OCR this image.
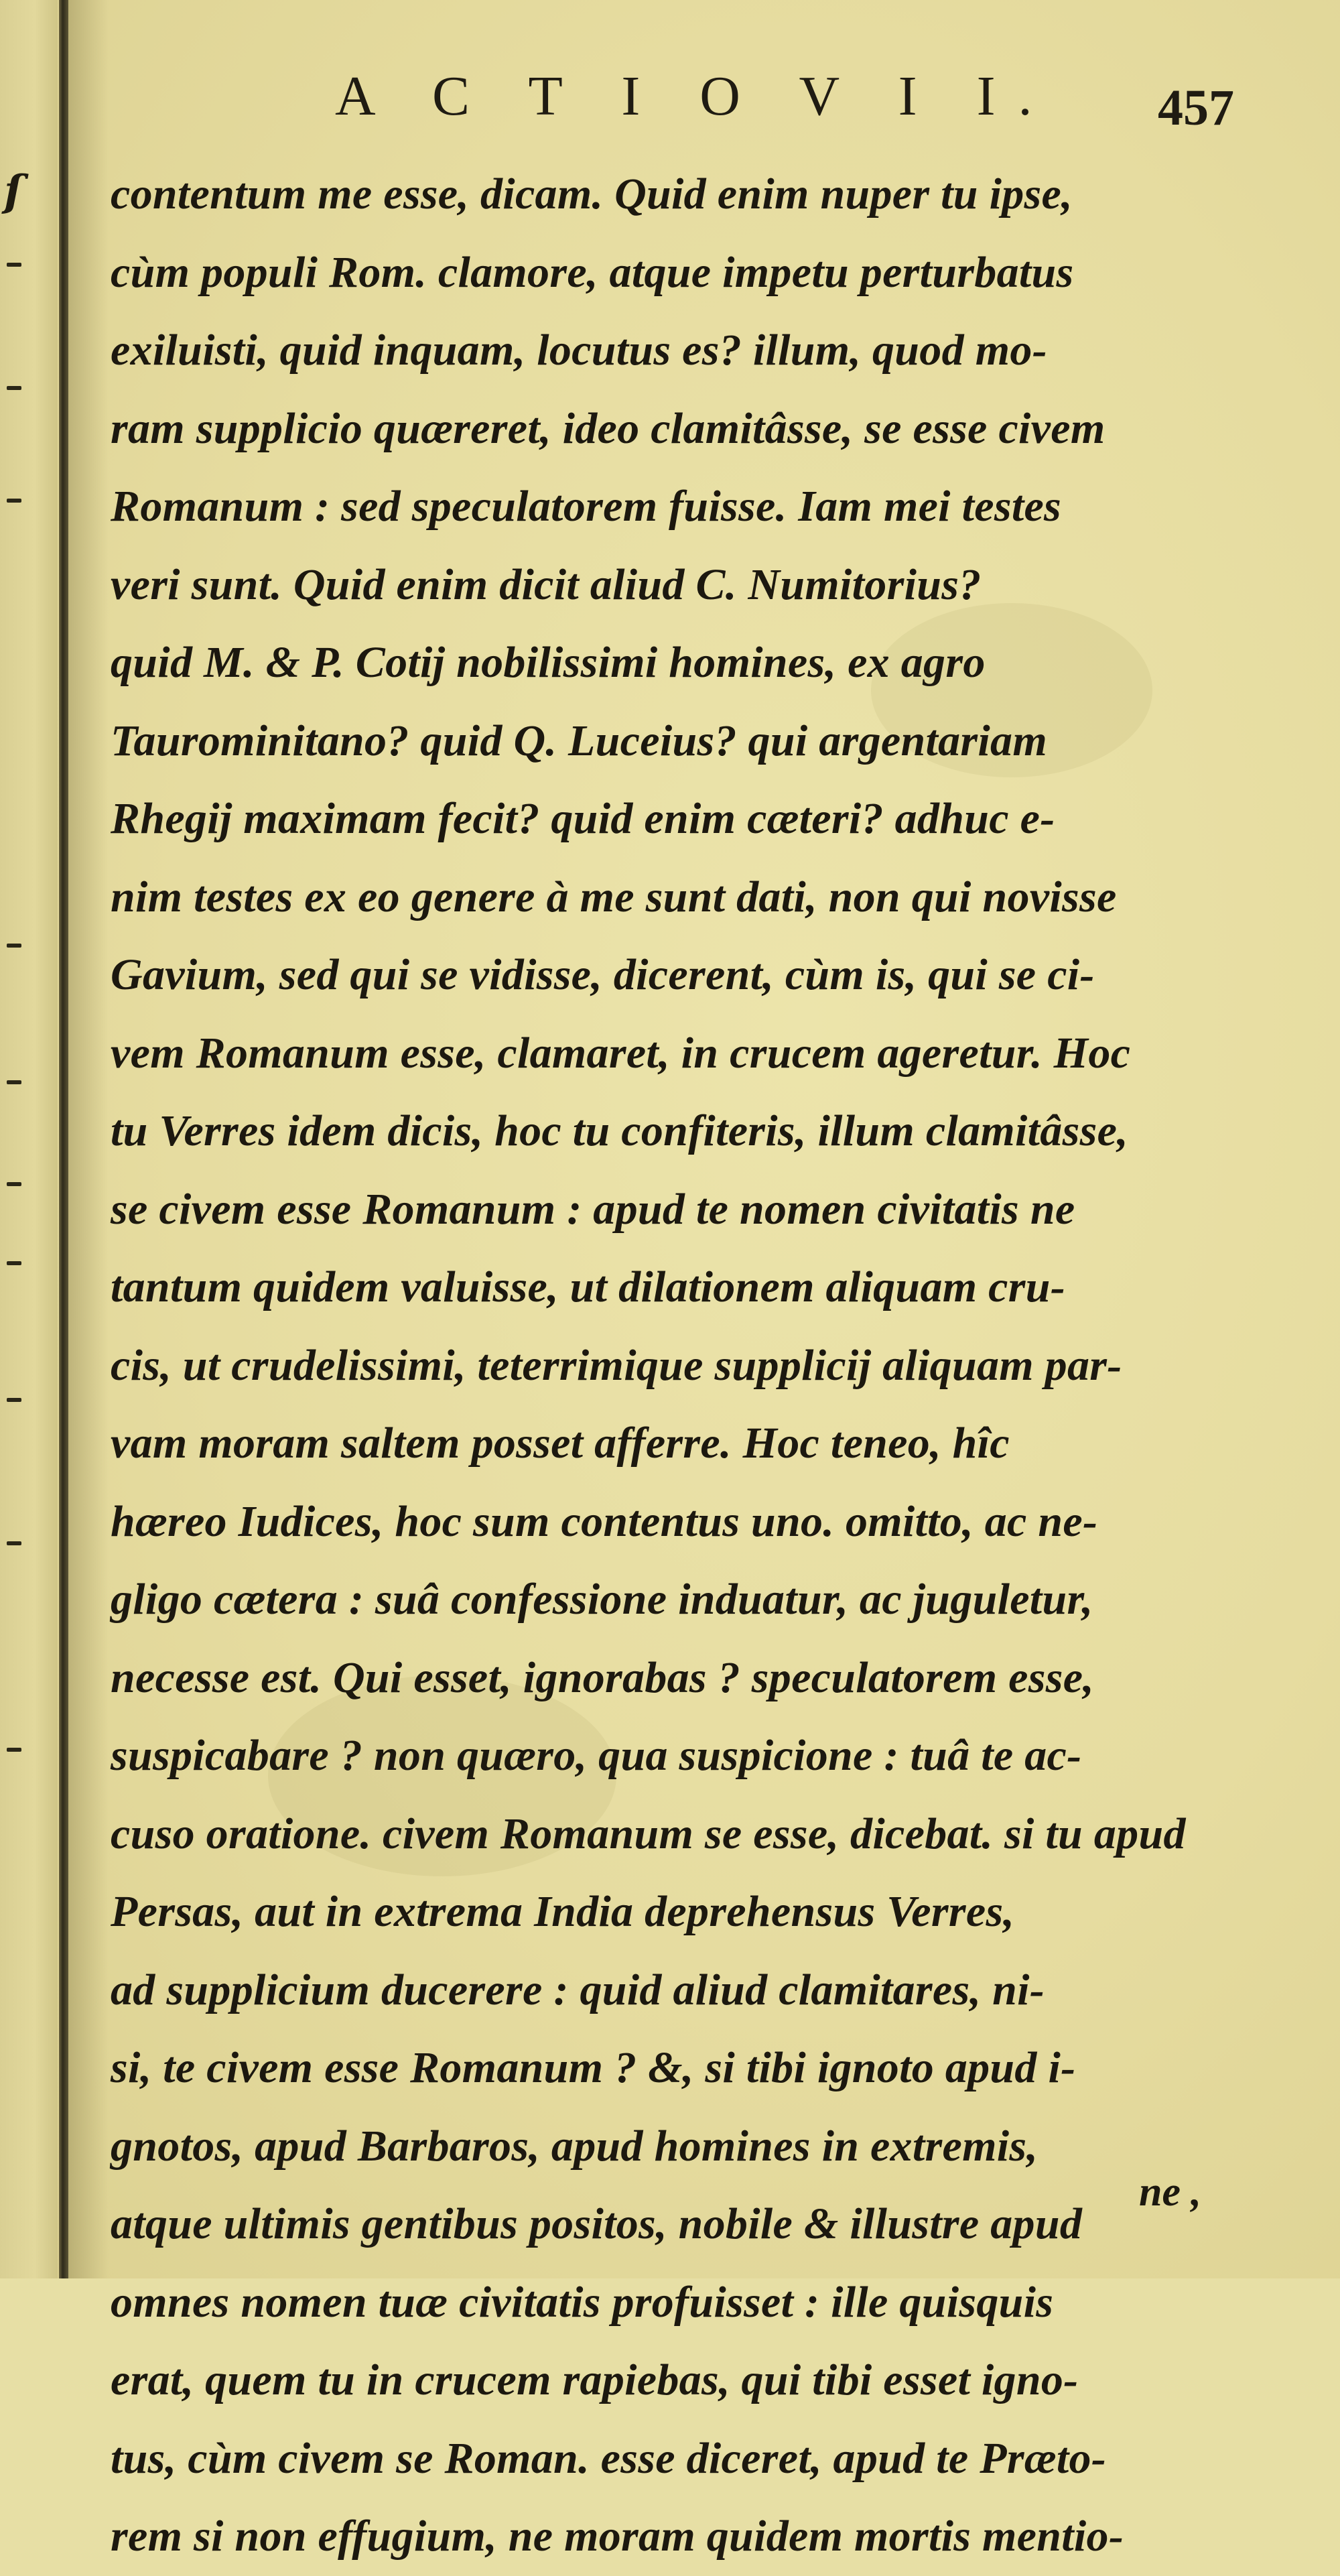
ſ
A C T I O V I I. 457
contentum me esse, dicam. Quid enim nuper tu ipse,
cùm populi Rom. clamore, atque impetu perturbatus
exiluisti, quid inquam, locutus es? illum, quod mo-
ram supplicio quæreret, ideo clamitâsse, se esse civem
Romanum : sed speculatorem fuisse. Iam mei testes
veri sunt. Quid enim dicit aliud C. Numitorius?
quid M. & P. Cotij nobilissimi homines, ex agro
Taurominitano? quid Q. Luceius? qui argentariam
Rhegij maximam fecit? quid enim cæteri? adhuc e-
nim testes ex eo genere à me sunt dati, non qui novisse
Gavium, sed qui se vidisse, dicerent, cùm is, qui se ci-
vem Romanum esse, clamaret, in crucem ageretur. Hoc
tu Verres idem dicis, hoc tu confiteris, illum clamitâsse,
se civem esse Romanum : apud te nomen civitatis ne
tantum quidem valuisse, ut dilationem aliquam cru-
cis, ut crudelissimi, teterrimique supplicij aliquam par-
vam moram saltem posset afferre. Hoc teneo, hîc
hæreo Iudices, hoc sum contentus uno. omitto, ac ne-
gligo cætera : suâ confessione induatur, ac juguletur,
necesse est. Qui esset, ignorabas ? speculatorem esse,
suspicabare ? non quæro, qua suspicione : tuâ te ac-
cuso oratione. civem Romanum se esse, dicebat. si tu apud
Persas, aut in extrema India deprehensus Verres,
ad supplicium ducerere : quid aliud clamitares, ni-
si, te civem esse Romanum ? &, si tibi ignoto apud i-
gnotos, apud Barbaros, apud homines in extremis,
atque ultimis gentibus positos, nobile & illustre apud
omnes nomen tuæ civitatis profuisset : ille quisquis
erat, quem tu in crucem rapiebas, qui tibi esset igno-
tus, cùm civem se Roman. esse diceret, apud te Præto-
rem si non effugium, ne moram quidem mortis mentio-
ne ,
